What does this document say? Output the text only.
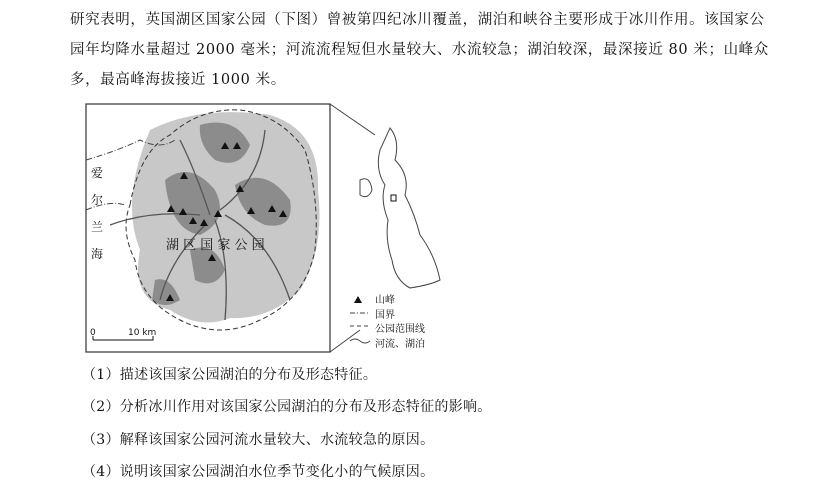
研究表明，英国湖区国家公园（下图）曾被第四纪冰川覆盖，湖泊和峡谷主要形成于冰川作用。该国家公
园年均降水量超过 2000 毫米；河流流程短但水量较大、水流较急；湖泊较深，最深接近 80 米；山峰众
多，最高峰海拔接近 1000 米。
爱
尔
兰
海
湖 区 国 家 公 园
0	10 km
山峰
国界
公园范围线
河流、湖泊
（1）描述该国家公园湖泊的分布及形态特征。
（2）分析冰川作用对该国家公园湖泊的分布及形态特征的影响。
（3）解释该国家公园河流水量较大、水流较急的原因。
（4）说明该国家公园湖泊水位季节变化小的气候原因。
